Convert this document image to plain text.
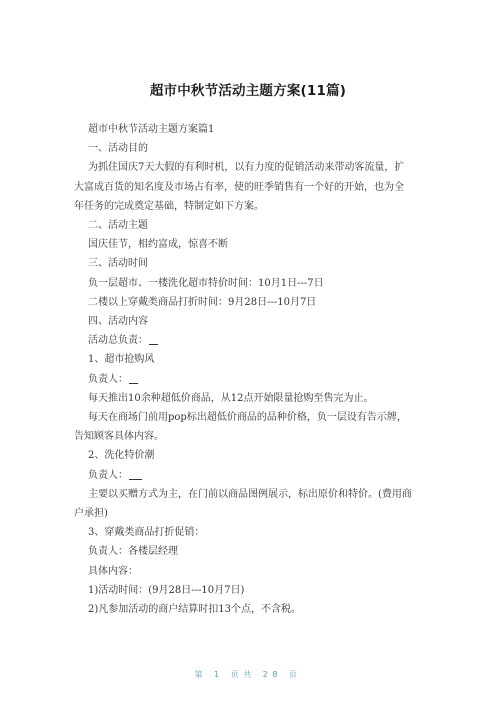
超市中秋节活动主题方案(11篇)

超市中秋节活动主题方案篇1

一、活动目的

为抓住国庆7天大假的有利时机，以有力度的促销活动来带动客流量，扩大富成百货的知名度及市场占有率，使的旺季销售有一个好的开始，也为全年任务的完成奠定基础，特制定如下方案。

二、活动主题

国庆佳节，相约富成，惊喜不断

三、活动时间

负一层超市、一楼洗化超市特价时间：10月1日---7日

二楼以上穿戴类商品打折时间：9月28日---10月7日

四、活动内容

活动总负责：

1、超市抢购风

负责人：

每天推出10余种超低价商品，从12点开始限量抢购至售完为止。

每天在商场门前用pop标出超低价商品的品种价格，负一层设有告示牌，告知顾客具体内容。

2、洗化特价潮

负责人：

主要以买赠方式为主，在门前以商品图例展示，标出原价和特价。(费用商户承担)

3、穿戴类商品打折促销：

负责人：各楼层经理

具体内容：

1)活动时间：(9月28日---10月7日)

2)凡参加活动的商户结算时扣13个点，不含税。

第 1 页共 28 页
